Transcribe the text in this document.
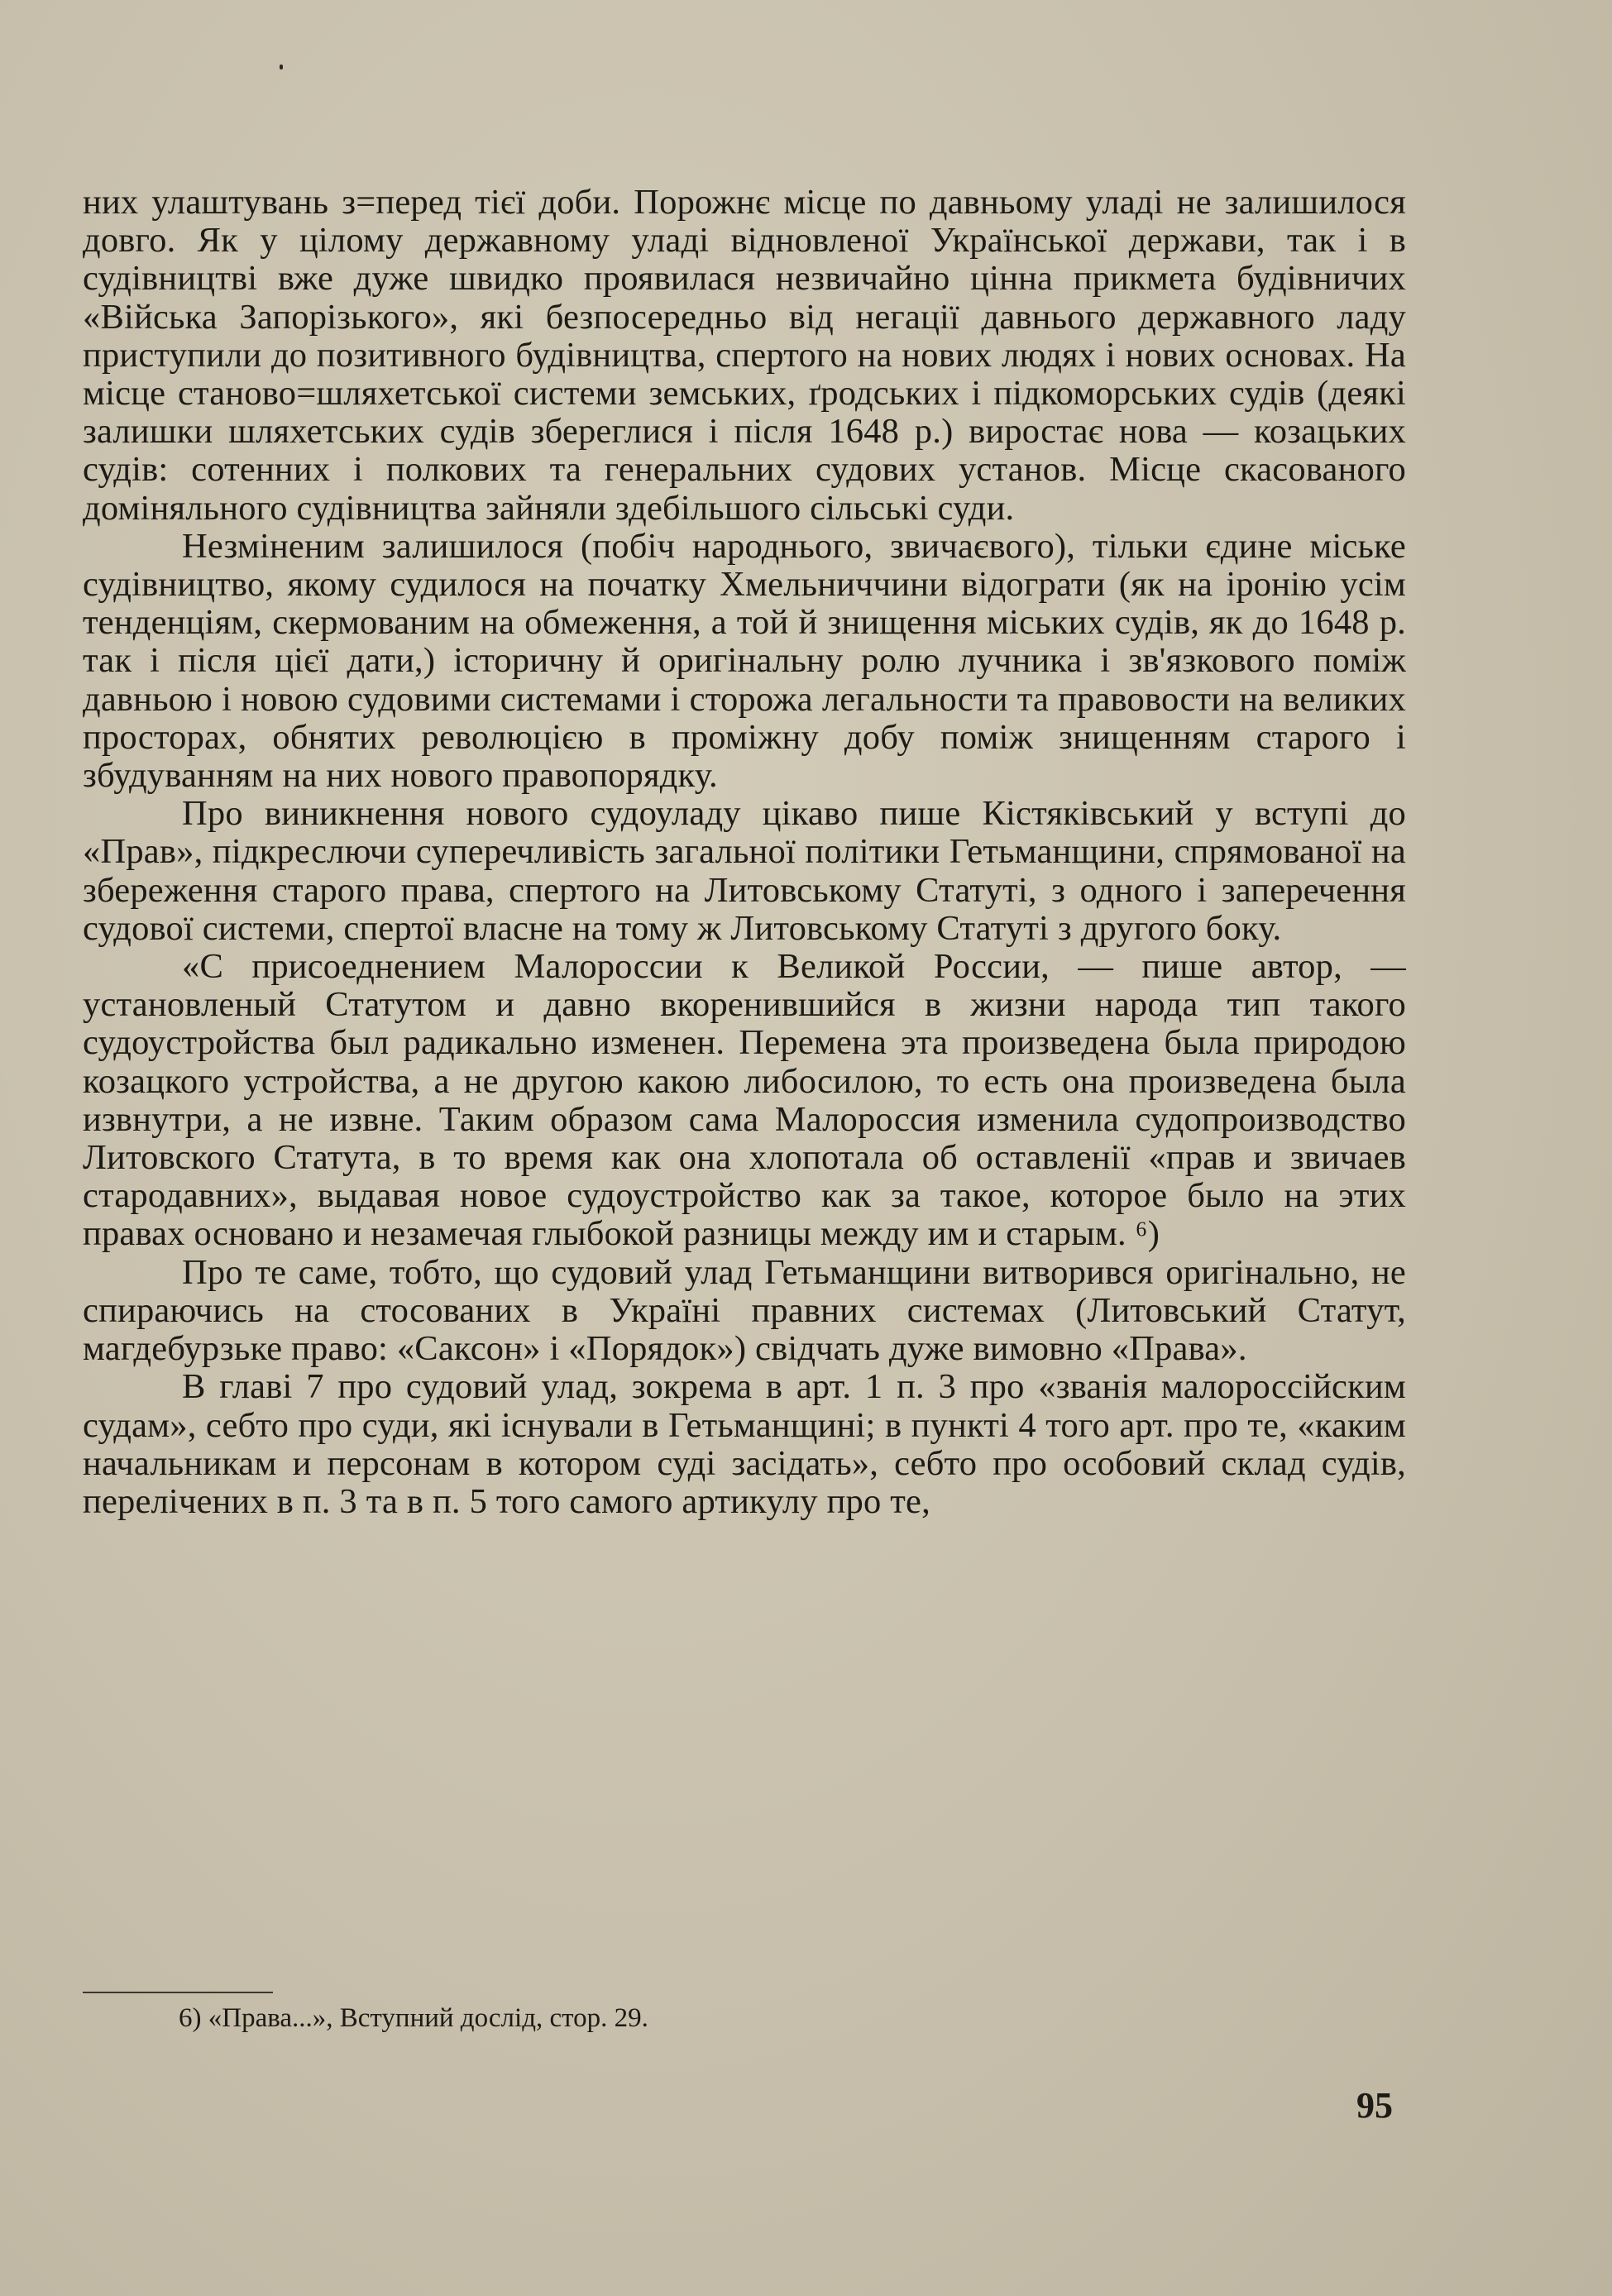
них улаштувань з=перед тієї доби. Порожнє місце по давньому уладі не залишилося довго. Як у цілому державному уладі відновленої Української держави, так і в судівництві вже дуже швидко проявилася незвичайно цінна прикмета будівничих «Війська Запорізького», які безпосередньо від негації давнього державного ладу приступили до позитивного будівництва, спертого на нових людях і нових основах. На місце станово=шляхетської системи земських, ґродських і підкоморських судів (деякі залишки шляхетських судів збереглися і після 1648 р.) виростає нова — козацьких судів: сотенних і полкових та генеральних судових установ. Місце скасованого доміняльного судівництва зайняли здебільшого сільські суди.

Незміненим залишилося (побіч народнього, звичаєвого), тільки єдине міське судівництво, якому судилося на початку Хмельниччини відограти (як на іронію усім тенденціям, скермованим на обмеження, а той й знищення міських судів, як до 1648 р. так і після цієї дати,) історичну й оригінальну ролю лучника і зв'язкового поміж давньою і новою судовими системами і сторожа легальности та правовости на великих просторах, обнятих революцією в проміжну добу поміж знищенням старого і збудуванням на них нового правопорядку.

Про виникнення нового судоуладу цікаво пише Кістяківський у вступі до «Прав», підкреслючи суперечливість загальної політики Гетьманщини, спрямованої на збереження старого права, спертого на Литовському Статуті, з одного і заперечення судової системи, спертої власне на тому ж Литовському Статуті з другого боку.

«С присоеднением Малороссии к Великой России, — пише автор, — установленый Статутом и давно вкоренившийся в жизни народа тип такого судоустройства был радикально изменен. Перемена эта произведена была природою козацкого устройства, а не другою какою либосилою, то есть она произведена была извнутри, а не извне. Таким образом сама Малороссия изменила судопроизводство Литовского Статута, в то время как она хлопотала об оставленії «прав и звичаев стародавних», выдавая новое судоустройство как за такое, которое было на этих правах основано и незамечая глыбокой разницы между им и старым. ⁶)

Про те саме, тобто, що судовий улад Гетьманщини витворився оригінально, не спираючись на стосованих в Україні правних системах (Литовський Статут, магдебурзьке право: «Саксон» і «Порядок») свідчать дуже вимовно «Права».

В главі 7 про судовий улад, зокрема в арт. 1 п. 3 про «званія малороссійским судам», себто про суди, які існували в Гетьманщині; в пункті 4 того арт. про те, «каким начальникам и персонам в котором суді засідать», себто про особовий склад судів, перелічених в п. 3 та в п. 5 того самого артикулу про те,

6) «Права...», Вступний дослід, стор. 29.
95
